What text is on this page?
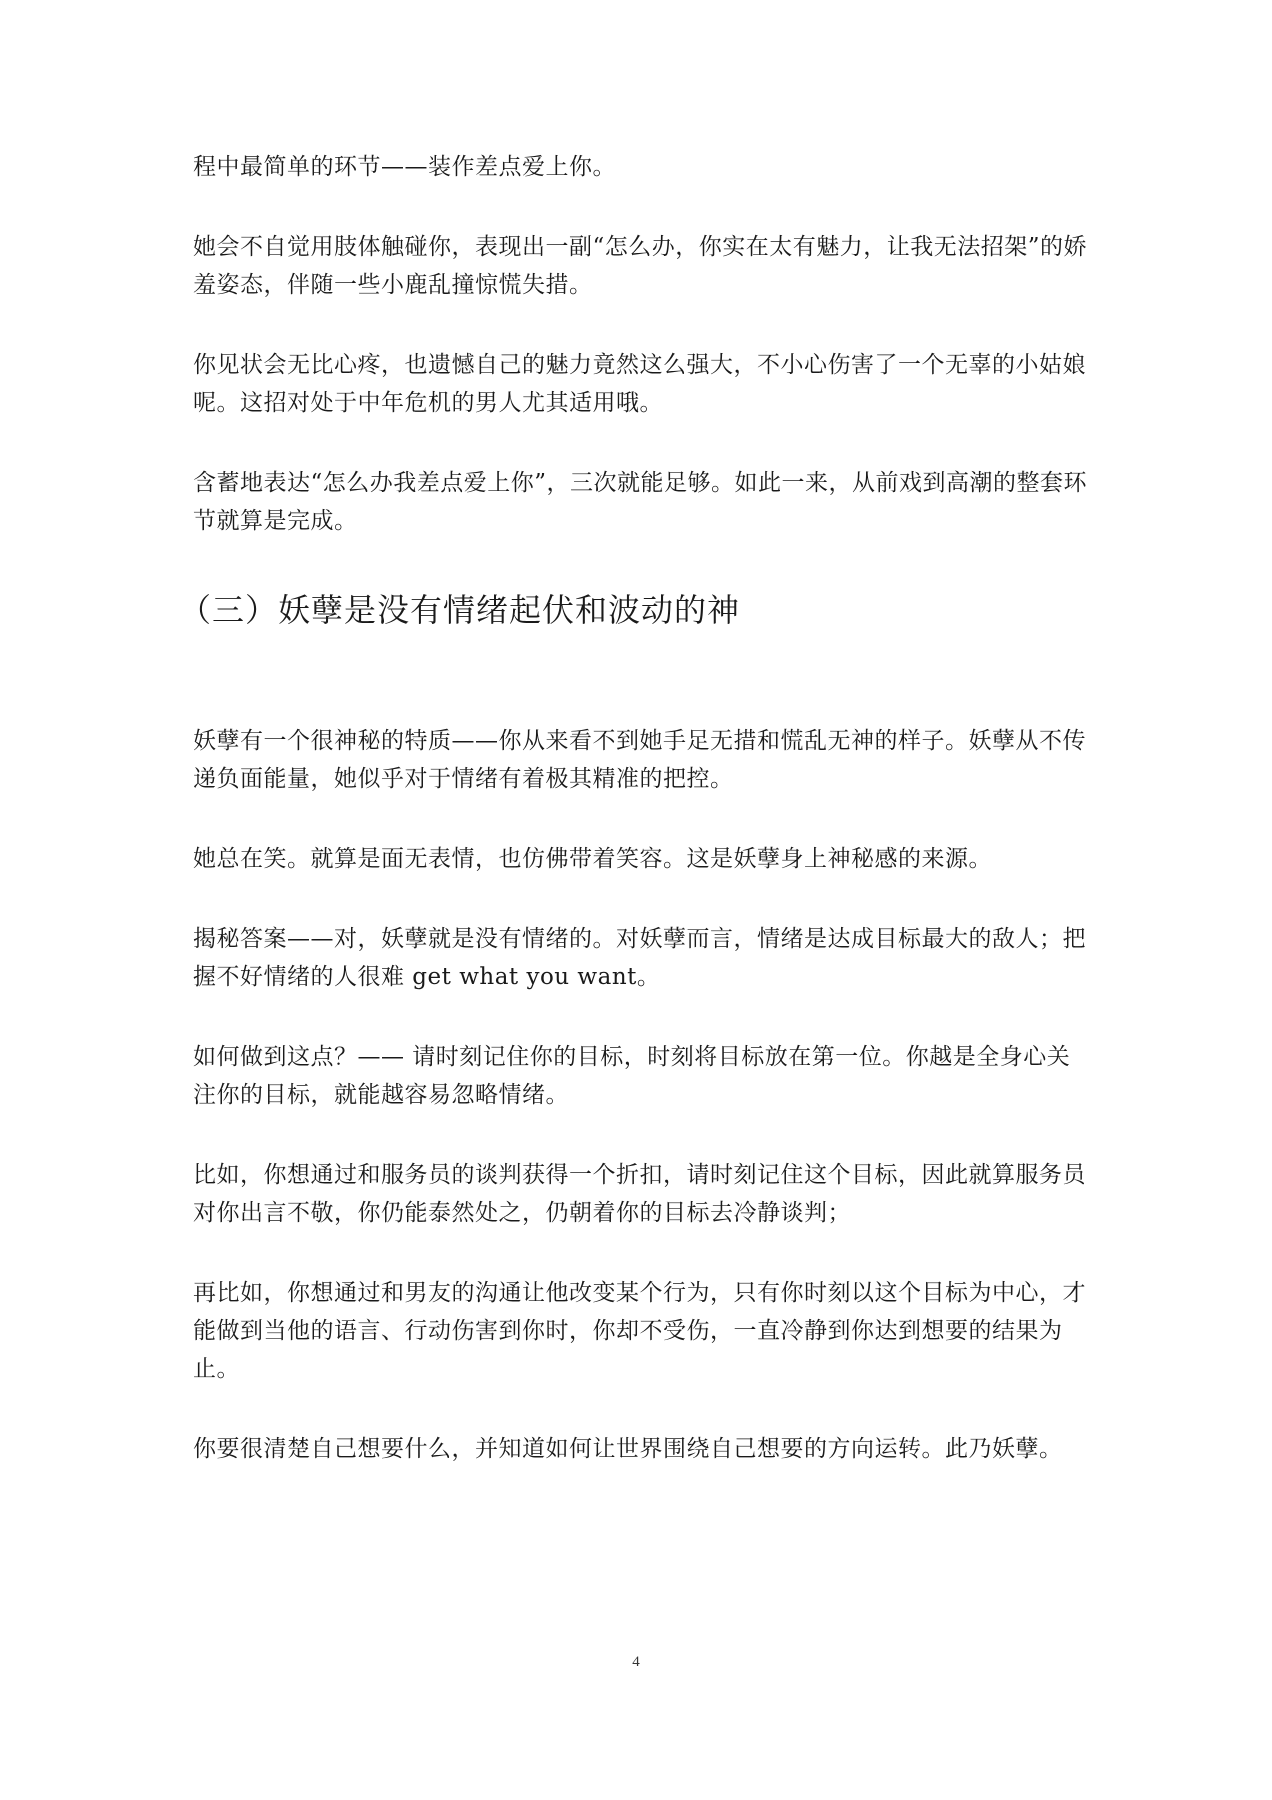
程中最简单的环节——装作差点爱上你。

她会不自觉用肢体触碰你，表现出一副“怎么办，你实在太有魅力，让我无法招架”的娇羞姿态，伴随一些小鹿乱撞惊慌失措。

你见状会无比心疼，也遗憾自己的魅力竟然这么强大，不小心伤害了一个无辜的小姑娘呢。这招对处于中年危机的男人尤其适用哦。

含蓄地表达“怎么办我差点爱上你”，三次就能足够。如此一来，从前戏到高潮的整套环节就算是完成。

（三）妖孽是没有情绪起伏和波动的神

妖孽有一个很神秘的特质——你从来看不到她手足无措和慌乱无神的样子。妖孽从不传递负面能量，她似乎对于情绪有着极其精准的把控。

她总在笑。就算是面无表情，也仿佛带着笑容。这是妖孽身上神秘感的来源。

揭秘答案——对，妖孽就是没有情绪的。对妖孽而言，情绪是达成目标最大的敌人；把握不好情绪的人很难 get what you want。

如何做到这点？—— 请时刻记住你的目标，时刻将目标放在第一位。你越是全身心关注你的目标，就能越容易忽略情绪。

比如，你想通过和服务员的谈判获得一个折扣，请时刻记住这个目标，因此就算服务员对你出言不敬，你仍能泰然处之，仍朝着你的目标去冷静谈判；

再比如，你想通过和男友的沟通让他改变某个行为，只有你时刻以这个目标为中心，才能做到当他的语言、行动伤害到你时，你却不受伤，一直冷静到你达到想要的结果为止。

你要很清楚自己想要什么，并知道如何让世界围绕自己想要的方向运转。此乃妖孽。

4
